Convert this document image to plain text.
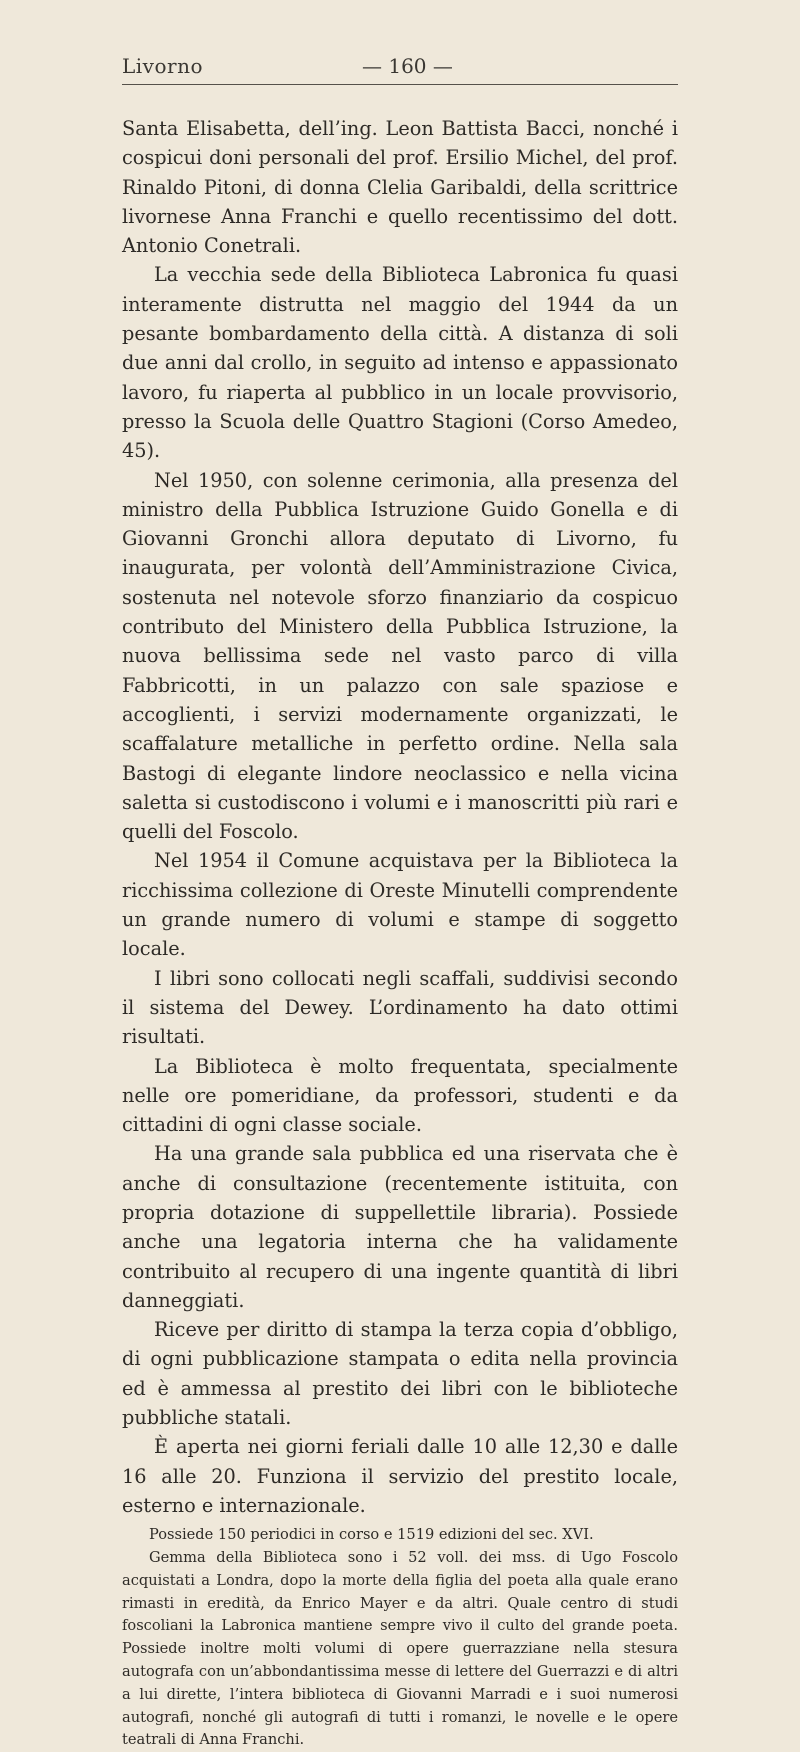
Livorno	— 160 —

Santa Elisabetta, dell’ing. Leon Battista Bacci, nonché i cospicui doni personali del prof. Ersilio Michel, del prof. Rinaldo Pitoni, di donna Clelia Garibaldi, della scrittrice livornese Anna Franchi e quello recentissimo del dott. Antonio Conetrali.

La vecchia sede della Biblioteca Labronica fu quasi interamente distrutta nel maggio del 1944 da un pesante bombardamento della città. A distanza di soli due anni dal crollo, in seguito ad intenso e appassionato lavoro, fu riaperta al pubblico in un locale provvisorio, presso la Scuola delle Quattro Stagioni (Corso Amedeo, 45).

Nel 1950, con solenne cerimonia, alla presenza del ministro della Pubblica Istruzione Guido Gonella e di Giovanni Gronchi allora deputato di Livorno, fu inaugurata, per volontà dell’Amministrazione Civica, sostenuta nel notevole sforzo finanziario da cospicuo contributo del Ministero della Pubblica Istruzione, la nuova bellissima sede nel vasto parco di villa Fabbricotti, in un palazzo con sale spaziose e accoglienti, i servizi modernamente organizzati, le scaffalature metalliche in perfetto ordine. Nella sala Bastogi di elegante lindore neoclassico e nella vicina saletta si custodiscono i volumi e i manoscritti più rari e quelli del Foscolo.

Nel 1954 il Comune acquistava per la Biblioteca la ricchissima collezione di Oreste Minutelli comprendente un grande numero di volumi e stampe di soggetto locale.

I libri sono collocati negli scaffali, suddivisi secondo il sistema del Dewey. L’ordinamento ha dato ottimi risultati.

La Biblioteca è molto frequentata, specialmente nelle ore pomeridiane, da professori, studenti e da cittadini di ogni classe sociale.

Ha una grande sala pubblica ed una riservata che è anche di consultazione (recentemente istituita, con propria dotazione di suppellettile libraria). Possiede anche una legatoria interna che ha validamente contribuito al recupero di una ingente quantità di libri danneggiati.

Riceve per diritto di stampa la terza copia d’obbligo, di ogni pubblicazione stampata o edita nella provincia ed è ammessa al prestito dei libri con le biblioteche pubbliche statali.

È aperta nei giorni feriali dalle 10 alle 12,30 e dalle 16 alle 20. Funziona il servizio del prestito locale, esterno e internazionale.

Possiede 150 periodici in corso e 1519 edizioni del sec. XVI.

Gemma della Biblioteca sono i 52 voll. dei mss. di Ugo Foscolo acquistati a Londra, dopo la morte della figlia del poeta alla quale erano rimasti in eredità, da Enrico Mayer e da altri. Quale centro di studi foscoliani la Labronica mantiene sempre vivo il culto del grande poeta. Possiede inoltre molti volumi di opere guerrazziane nella stesura autografa con un’abbondantissima messe di lettere del Guerrazzi e di altri a lui dirette, l’intera biblioteca di Giovanni Marradi e i suoi numerosi autografi, nonché gli autografi di tutti i romanzi, le novelle e le opere teatrali di Anna Franchi.
